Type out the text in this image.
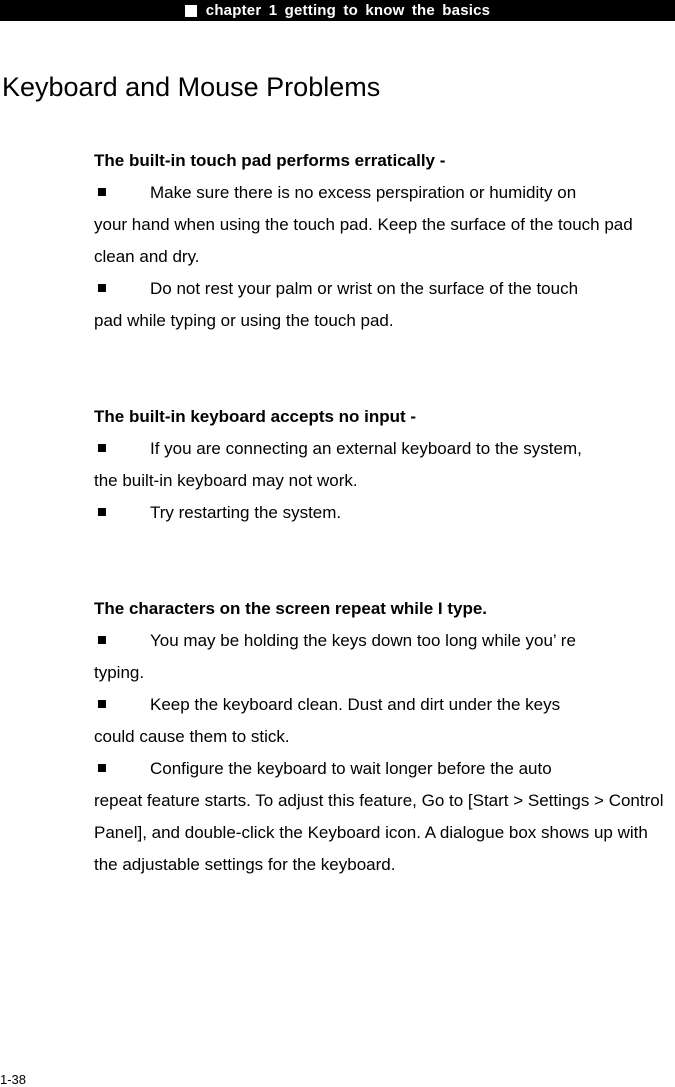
chapter 1 getting to know the basics
Keyboard and Mouse Problems

The built-in touch pad performs erratically -

Make sure there is no excess perspiration or humidity on
your hand when using the touch pad. Keep the surface of the touch pad clean and dry.

Do not rest your palm or wrist on the surface of the touch
pad while typing or using the touch pad.

The built-in keyboard accepts no input -

If you are connecting an external keyboard to the system,
the built-in keyboard may not work.

Try restarting the system.

The characters on the screen repeat while I type.

You may be holding the keys down too long while you’ re
typing.

Keep the keyboard clean. Dust and dirt under the keys
could cause them to stick.

Configure the keyboard to wait longer before the auto
repeat feature starts. To adjust this feature, Go to [Start > Settings > Control Panel], and double-click the Keyboard icon. A dialogue box shows up with the adjustable settings for the keyboard.

1-38
